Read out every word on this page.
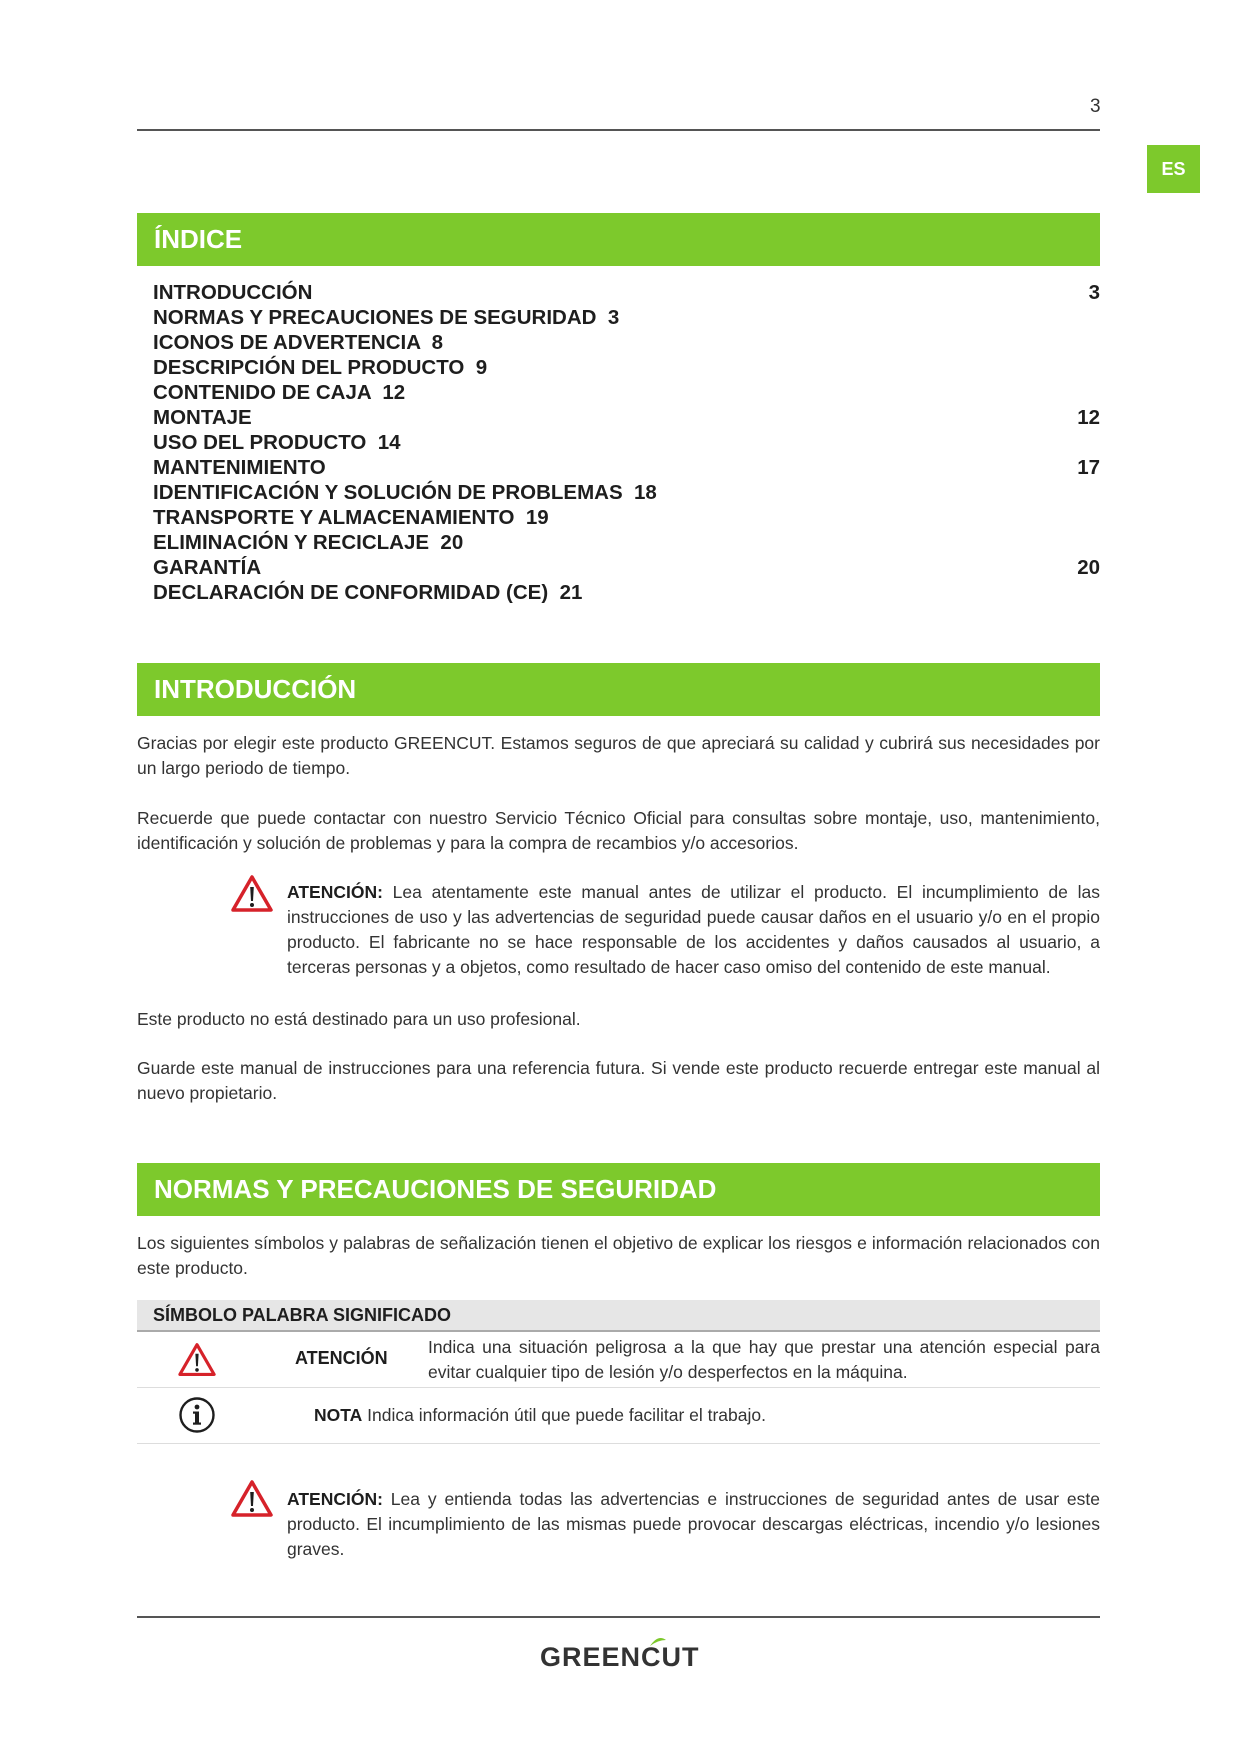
3
ES
ÍNDICE
INTRODUCCIÓN	3
NORMAS Y PRECAUCIONES DE SEGURIDAD  3
ICONOS DE ADVERTENCIA  8
DESCRIPCIÓN DEL PRODUCTO  9
CONTENIDO DE CAJA  12
MONTAJE	12
USO DEL PRODUCTO  14
MANTENIMIENTO	17
IDENTIFICACIÓN Y SOLUCIÓN DE PROBLEMAS  18
TRANSPORTE Y ALMACENAMIENTO  19
ELIMINACIÓN Y RECICLAJE  20
GARANTÍA	20
DECLARACIÓN DE CONFORMIDAD (CE)  21
INTRODUCCIÓN
Gracias por elegir este producto GREENCUT. Estamos seguros de que apreciará su calidad y cubrirá sus necesidades por un largo periodo de tiempo.
Recuerde que puede contactar con nuestro Servicio Técnico Oficial para consultas sobre montaje, uso, mantenimiento, identificación y solución de problemas y para la compra de recambios y/o accesorios.
ATENCIÓN: Lea atentamente este manual antes de utilizar el producto. El incumplimiento de las instrucciones de uso y las advertencias de seguridad puede causar daños en el usuario y/o en el propio producto. El fabricante no se hace responsable de los accidentes y daños causados al usuario, a terceras personas y a objetos, como resultado de hacer caso omiso del contenido de este manual.
Este producto no está destinado para un uso profesional.
Guarde este manual de instrucciones para una referencia futura. Si vende este producto recuerde entregar este manual al nuevo propietario.
NORMAS Y PRECAUCIONES DE SEGURIDAD
Los siguientes símbolos y palabras de señalización tienen el objetivo de explicar los riesgos e información relacionados con este producto.
SÍMBOLO PALABRA SIGNIFICADO
ATENCIÓN
Indica una situación peligrosa a la que hay que prestar una atención especial para evitar cualquier tipo de lesión y/o desperfectos en la máquina.
NOTA Indica información útil que puede facilitar el trabajo.
ATENCIÓN: Lea y entienda todas las advertencias e instrucciones de seguridad antes de usar este producto. El incumplimiento de las mismas puede provocar descargas eléctricas, incendio y/o lesiones graves.
GREENCUT
